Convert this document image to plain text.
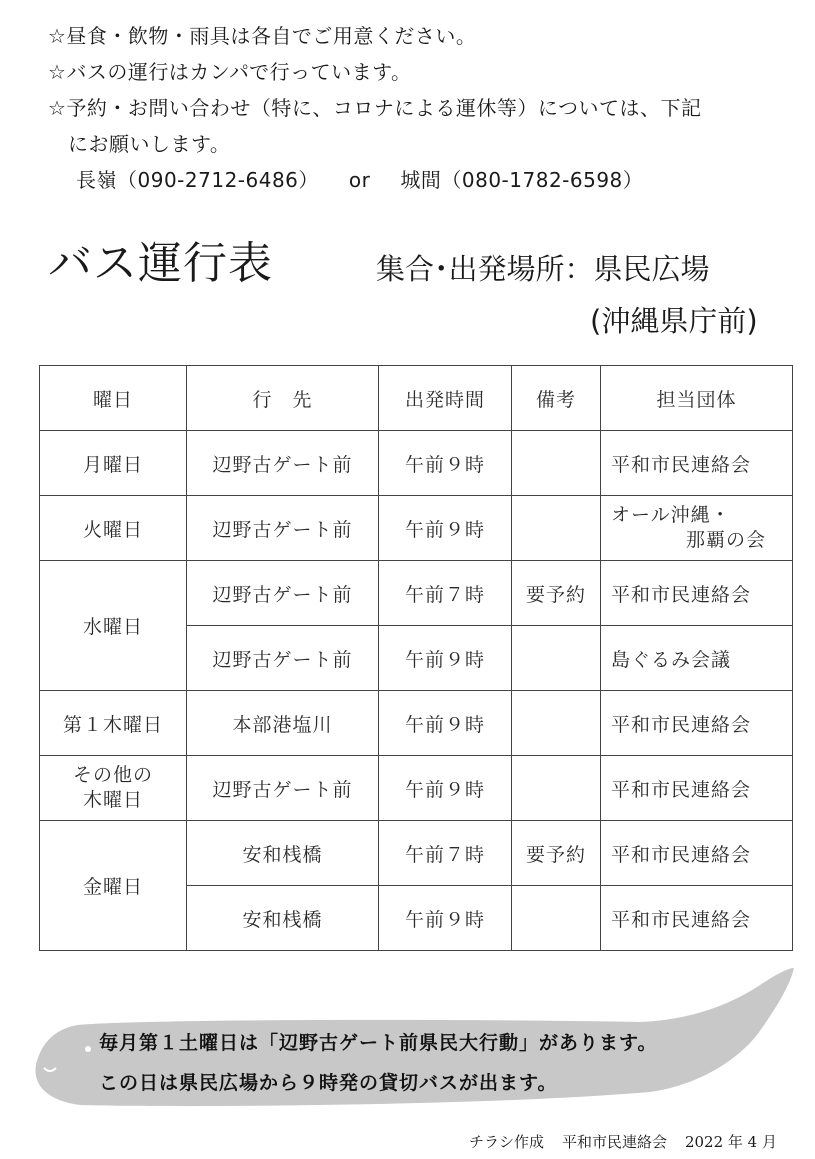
☆昼食・飲物・雨具は各自でご用意ください。
☆バスの運行はカンパで行っています。
☆予約・お問い合わせ（特に、コロナによる運休等）については、下記
にお願いします。
長嶺（090-2712-6486） or 城間（080-1782-6598）
バス運行表	集合･出発場所：県民広場
(沖縄県庁前)
曜日	行　先	出発時間	備考	担当団体
月曜日	辺野古ゲート前	午前９時		平和市民連絡会
火曜日	辺野古ゲート前	午前９時		オール沖縄・
那覇の会

水曜日	辺野古ゲート前	午前７時	要予約	平和市民連絡会
	辺野古ゲート前	午前９時		島ぐるみ会議
第１木曜日	本部港塩川	午前９時		平和市民連絡会

その他の
木曜日	辺野古ゲート前	午前９時		平和市民連絡会
金曜日	安和桟橋	午前７時	要予約	平和市民連絡会
	安和桟橋	午前９時		平和市民連絡会
毎月第１土曜日は「辺野古ゲート前県民大行動」があります。
この日は県民広場から９時発の貸切バスが出ます。
チラシ作成 平和市民連絡会 2022 年 4 月
